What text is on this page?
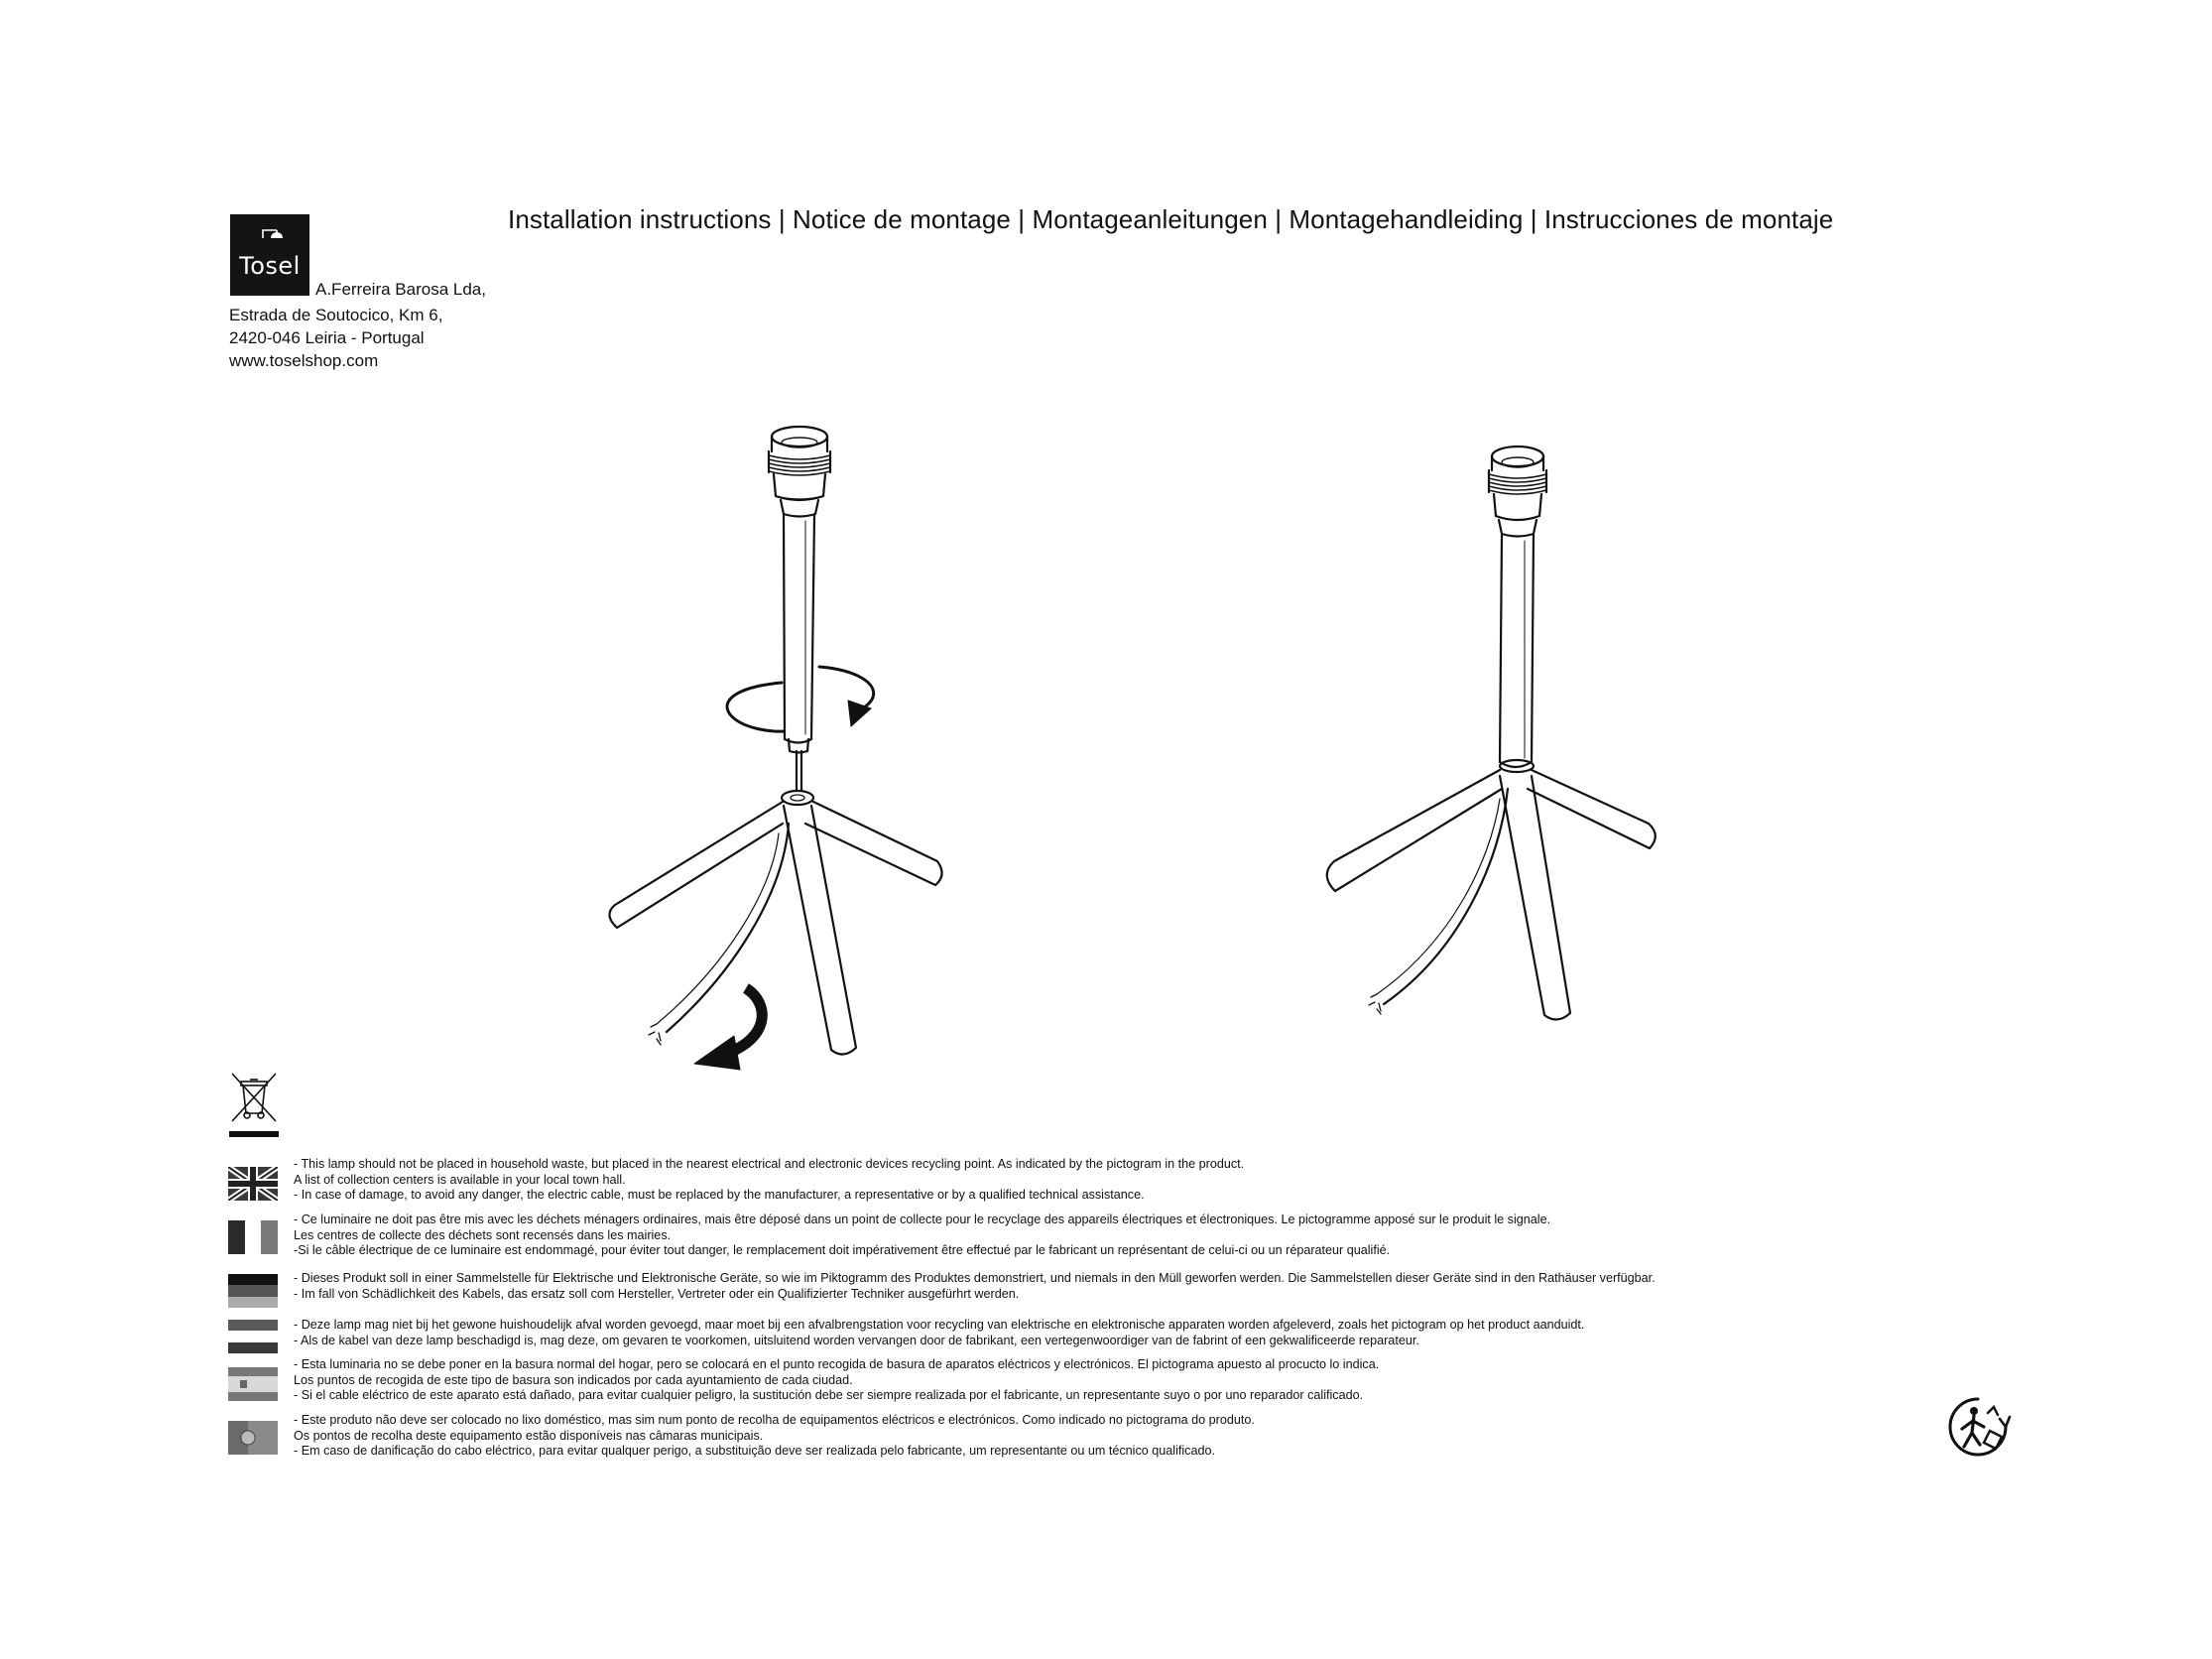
Installation instructions | Notice de montage | Montageanleitungen | Montagehandleiding | Instrucciones de montaje
Tosel
A.Ferreira Barosa Lda,
Estrada de Soutocico, Km 6,
2420-046 Leiria - Portugal
www.toselshop.com
- This lamp should not be placed in household waste, but placed in the nearest electrical and electronic devices recycling point. As indicated by the pictogram in the product.
A list of collection centers is available in your local town hall.
- In case of damage, to avoid any danger, the electric cable, must be replaced by the manufacturer, a representative or by a qualified technical assistance.
- Ce luminaire ne doit pas être mis avec les déchets ménagers ordinaires, mais être déposé dans un point de collecte pour le recyclage des appareils électriques et électroniques. Le pictogramme apposé sur le produit le signale.
Les centres de collecte des déchets sont recensés dans les mairies.
-Si le câble électrique de ce luminaire est endommagé, pour éviter tout danger, le remplacement doit impérativement être effectué par le fabricant un représentant de celui-ci ou un réparateur qualifié.
- Dieses Produkt soll in einer Sammelstelle für Elektrische und Elektronische Geräte, so wie im Piktogramm des Produktes demonstriert, und niemals in den Müll geworfen werden. Die Sammelstellen dieser Geräte sind in den Rathäuser verfügbar.
- Im fall von Schädlichkeit des Kabels, das ersatz soll com Hersteller, Vertreter oder ein Qualifizierter Techniker ausgefürhrt werden.
- Deze lamp mag niet bij het gewone huishoudelijk afval worden gevoegd, maar moet bij een afvalbrengstation voor recycling van elektrische en elektronische apparaten worden afgeleverd, zoals het pictogram op het product aanduidt.
- Als de kabel van deze lamp beschadigd is, mag deze, om gevaren te voorkomen, uitsluitend worden vervangen door de fabrikant, een vertegenwoordiger van de fabrint of een gekwalificeerde reparateur.
- Esta luminaria no se debe poner en la basura normal del hogar, pero se colocará en el punto recogida de basura de aparatos eléctricos y electrónicos. El pictograma apuesto al procucto lo indica.
Los puntos de recogida de este tipo de basura son indicados por cada ayuntamiento de cada ciudad.
- Si el cable eléctrico de este aparato está dañado, para evitar cualquier peligro, la sustitución debe ser siempre realizada por el fabricante, un representante suyo o por uno reparador calificado.
- Este produto não deve ser colocado no lixo doméstico, mas sim num ponto de recolha de equipamentos eléctricos e electrónicos. Como indicado no pictograma do produto.
Os pontos de recolha deste equipamento estão disponíveis nas câmaras municipais.
- Em caso de danificação do cabo eléctrico, para evitar qualquer perigo, a substituição deve ser realizada pelo fabricante, um representante ou um técnico qualificado.
